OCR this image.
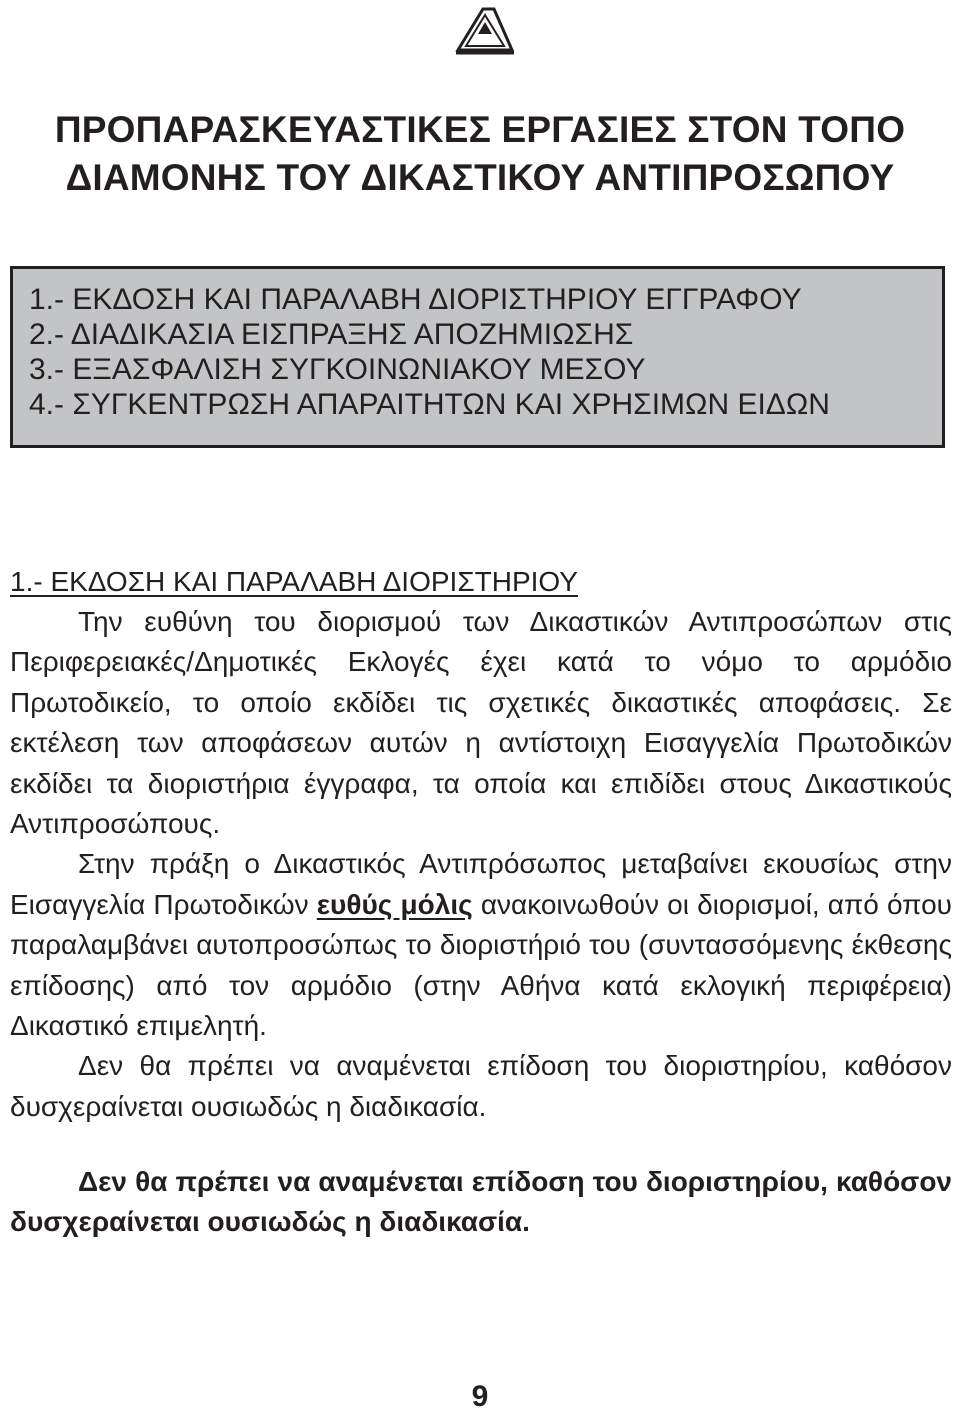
ΠΡΟΠΑΡΑΣΚΕΥΑΣΤΙΚΕΣ ΕΡΓΑΣΙΕΣ ΣΤΟΝ ΤΟΠΟ
ΔΙΑΜΟΝΗΣ ΤΟΥ ΔΙΚΑΣΤΙΚΟΥ ΑΝΤΙΠΡΟΣΩΠΟΥ
1.- ΕΚΔΟΣΗ ΚΑΙ ΠΑΡΑΛΑΒΗ ΔΙΟΡΙΣΤΗΡΙΟΥ ΕΓΓΡΑΦΟΥ
2.- ΔΙΑΔΙΚΑΣΙΑ ΕΙΣΠΡΑΞΗΣ ΑΠΟΖΗΜΙΩΣΗΣ
3.- ΕΞΑΣΦΑΛΙΣΗ ΣΥΓΚΟΙΝΩΝΙΑΚΟΥ ΜΕΣΟΥ
4.- ΣΥΓΚΕΝΤΡΩΣΗ ΑΠΑΡΑΙΤΗΤΩΝ ΚΑΙ ΧΡΗΣΙΜΩΝ ΕΙΔΩΝ
1.- ΕΚΔΟΣΗ ΚΑΙ ΠΑΡΑΛΑΒΗ ΔΙΟΡΙΣΤΗΡΙΟΥ

Την ευθύνη του διορισμού των Δικαστικών Αντιπροσώπων στις Περιφερειακές/Δημοτικές Εκλογές έχει κατά το νόμο το αρμόδιο Πρωτοδικείο, το οποίο εκδίδει τις σχετικές δικαστικές αποφάσεις. Σε εκτέλεση των αποφάσεων αυτών η αντίστοιχη Εισαγγελία Πρωτοδικών εκδίδει τα διοριστήρια έγγραφα, τα οποία και επιδίδει στους Δικαστικούς Αντιπροσώπους.

Στην πράξη ο Δικαστικός Αντιπρόσωπος μεταβαίνει εκουσίως στην Εισαγγελία Πρωτοδικών ευθύς μόλις ανακοινωθούν οι διορισμοί, από όπου παραλαμβάνει αυτοπροσώπως το διοριστήριό του (συντασσόμενης έκθεσης επίδοσης) από τον αρμόδιο (στην Αθήνα κατά εκλογική περιφέρεια) Δικαστικό επιμελητή.

Δεν θα πρέπει να αναμένεται επίδοση του διοριστηρίου, καθόσον δυσχεραίνεται ουσιωδώς η διαδικασία.

Δεν θα πρέπει να αναμένεται επίδοση του διοριστηρίου, καθόσον δυσχεραίνεται ουσιωδώς η διαδικασία.
9
